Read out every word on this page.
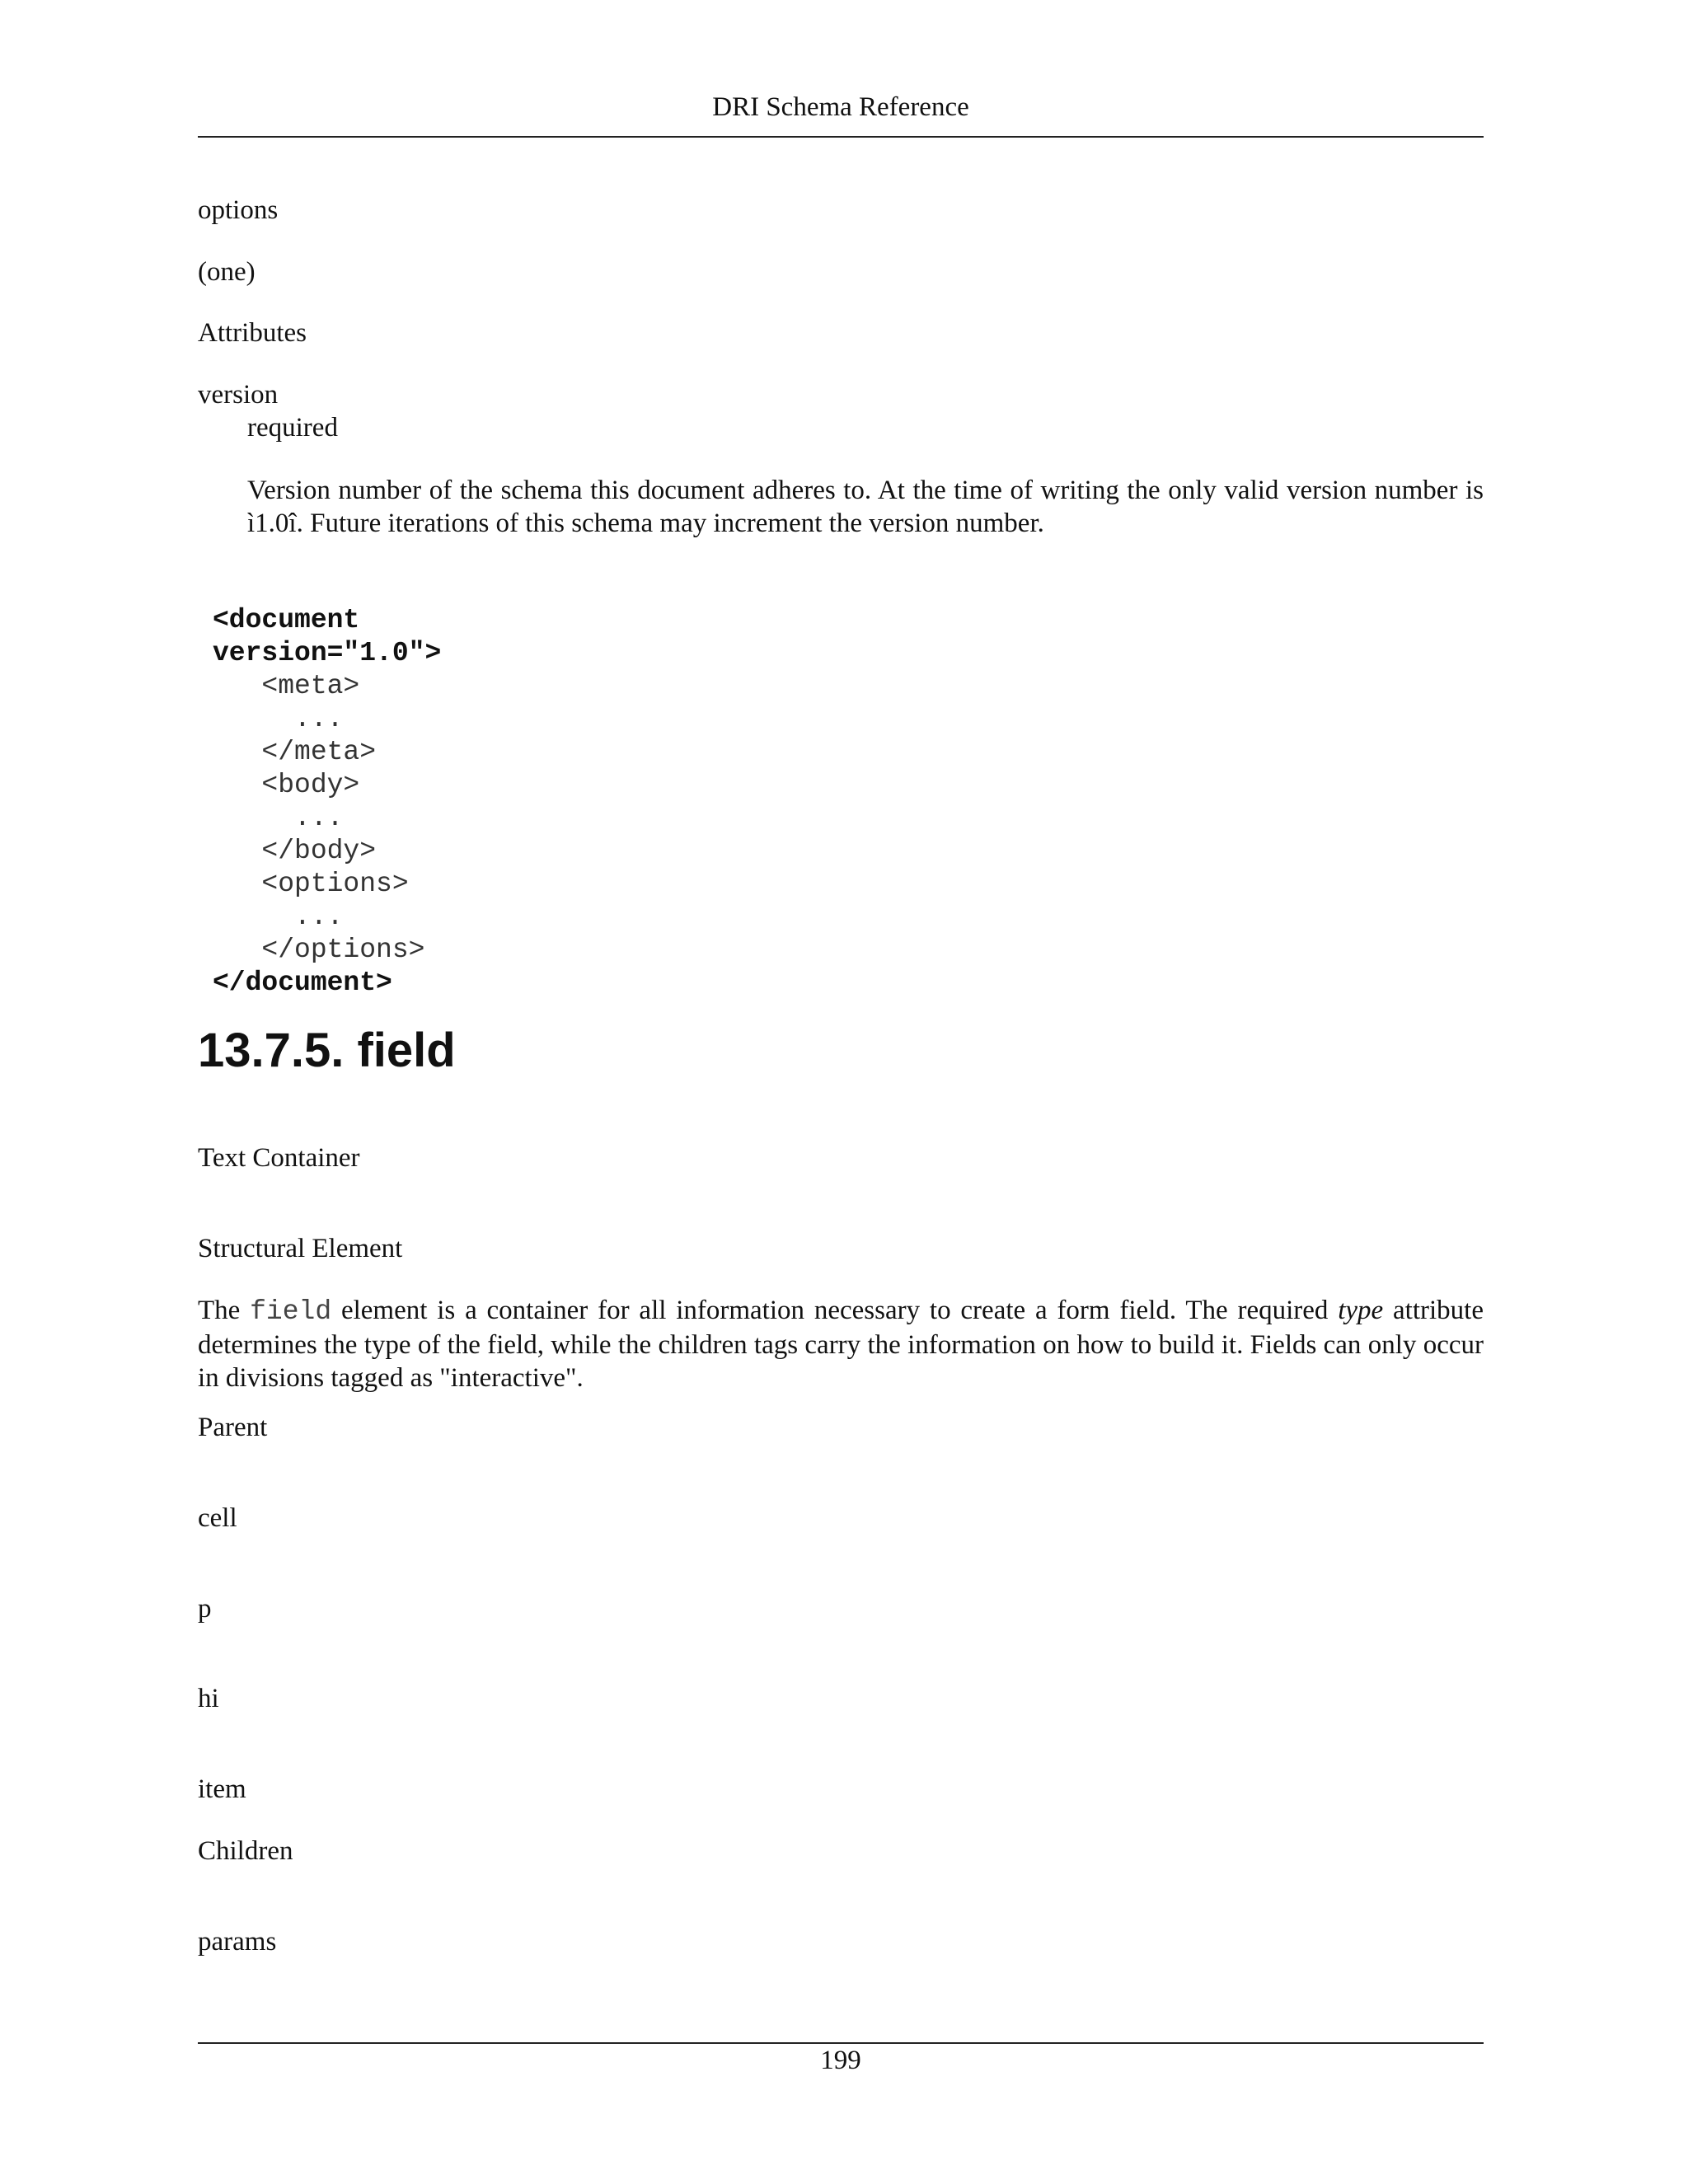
DRI Schema Reference
options
(one)
Attributes
version
required
Version number of the schema this document adheres to. At the time of writing the only valid version number is ì1.0î. Future iterations of this schema may increment the version number.
<document
version="1.0">
<meta>
...
</meta>
<body>
...
</body>
<options>
...
</options>
</document>
13.7.5. field
Text Container
Structural Element
The field element is a container for all information necessary to create a form field. The required type attribute determines the type of the field, while the children tags carry the information on how to build it. Fields can only occur in divisions tagged as "interactive".
Parent
cell
p
hi
item
Children
params
199
